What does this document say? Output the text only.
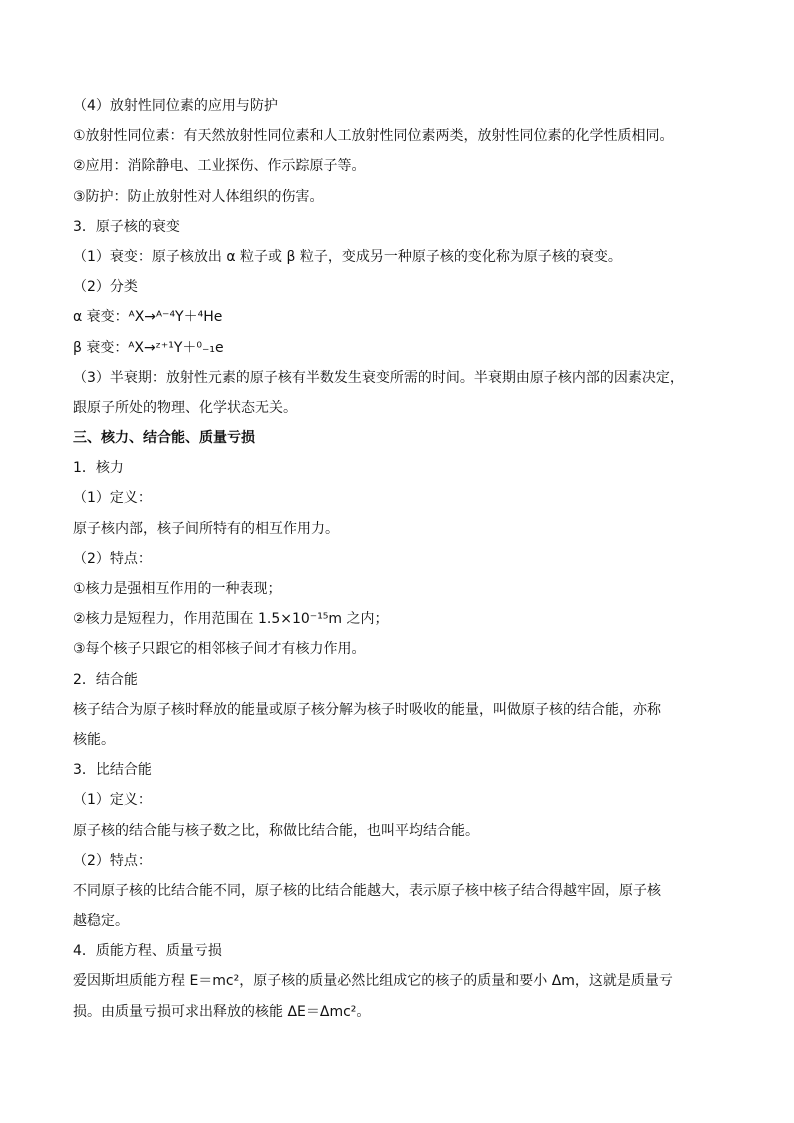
（4）放射性同位素的应用与防护
①放射性同位素：有天然放射性同位素和人工放射性同位素两类，放射性同位素的化学性质相同。
②应用：消除静电、工业探伤、作示踪原子等。
③防护：防止放射性对人体组织的伤害。
3．原子核的衰变
（1）衰变：原子核放出 α 粒子或 β 粒子，变成另一种原子核的变化称为原子核的衰变。
（2）分类
α 衰变：ᴬX→ᴬ⁻⁴Y＋⁴He
β 衰变：ᴬX→ᶻ⁺¹Y＋⁰₋₁e
（3）半衰期：放射性元素的原子核有半数发生衰变所需的时间。半衰期由原子核内部的因素决定，
跟原子所处的物理、化学状态无关。
三、核力、结合能、质量亏损
1．核力
（1）定义：
原子核内部，核子间所特有的相互作用力。
（2）特点：
①核力是强相互作用的一种表现；
②核力是短程力，作用范围在 1.5×10⁻¹⁵m 之内；
③每个核子只跟它的相邻核子间才有核力作用。
2．结合能
核子结合为原子核时释放的能量或原子核分解为核子时吸收的能量，叫做原子核的结合能，亦称
核能。
3．比结合能
（1）定义：
原子核的结合能与核子数之比，称做比结合能，也叫平均结合能。
（2）特点：
不同原子核的比结合能不同，原子核的比结合能越大，表示原子核中核子结合得越牢固，原子核
越稳定。
4．质能方程、质量亏损
爱因斯坦质能方程 E＝mc²，原子核的质量必然比组成它的核子的质量和要小 Δm，这就是质量亏
损。由质量亏损可求出释放的核能 ΔE＝Δmc²。
